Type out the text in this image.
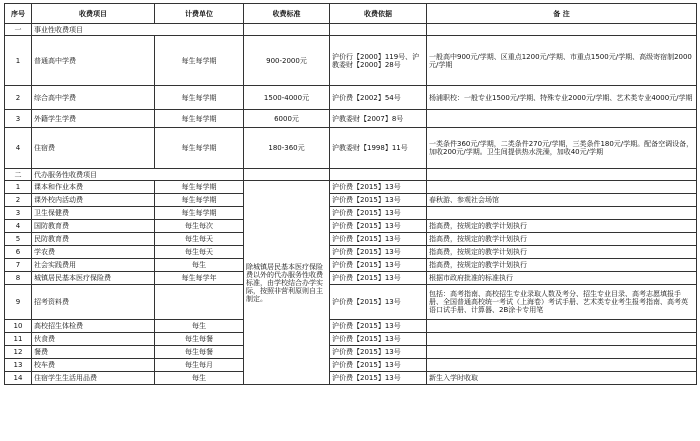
序号	收费项目	计费单位	收费标准	收费依据	备 注
一	事业性收费项目				
1	普通高中学费	每生每学期	900-2000元	沪价行【2000】119号、沪教委财【2000】28号	一般高中900元/学期、区重点1200元/学期、市重点1500元/学期、高级寄宿制2000元/学期
2	综合高中学费	每生每学期	1500-4000元	沪价费【2002】54号	杨浦职校：一般专业1500元/学期、特殊专业2000元/学期、艺术类专业4000元/学期
3	外籍学生学费	每生每学期	6000元	沪教委财【2007】8号	
4	住宿费	每生每学期	180-360元	沪教委财【1998】11号	一类条件360元/学期，二类条件270元/学期，三类条件180元/学期。配备空调设备，加收200元/学期。卫生间提供热水洗澡，加收40元/学期
二	代办服务性收费项目				
1	课本和作业本费	每生每学期	除城镇居民基本医疗保险费以外的代办服务性收费标准，由学校结合办学实际，按照非营利原则自主制定。	沪价费【2015】13号	
2	课外校内活动费	每生每学期		沪价费【2015】13号	春秋游、参观社会场馆
3	卫生保健费	每生每学期		沪价费【2015】13号	
4	国防教育费	每生每次		沪价费【2015】13号	指高费，按规定的教学计划执行
5	民防教育费	每生每天		沪价费【2015】13号	指高费，按规定的教学计划执行
6	学农费	每生每天		沪价费【2015】13号	指高费，按规定的教学计划执行
7	社会实践费用	每生		沪价费【2015】13号	指高费，按规定的教学计划执行
8	城镇居民基本医疗保险费	每生每学年		沪价费【2015】13号	根据市政府批准的标准执行
9	招考资料费			沪价费【2015】13号	包括：高考指南、高校招生专业录取人数及考分、招生专业目录、高考志愿填报手册、全国普通高校统一考试（上海卷）考试手册、艺术类专业考生报考指南、高考英语口试手册、计算器、2B涂卡专用笔
10	高校招生体检费	每生		沪价费【2015】13号	
11	伙食费	每生每餐		沪价费【2015】13号	
12	餐费	每生每餐		沪价费【2015】13号	
13	校车费	每生每月		沪价费【2015】13号	
14	住宿学生生活用品费	每生		沪价费【2015】13号	新生入学时收取
